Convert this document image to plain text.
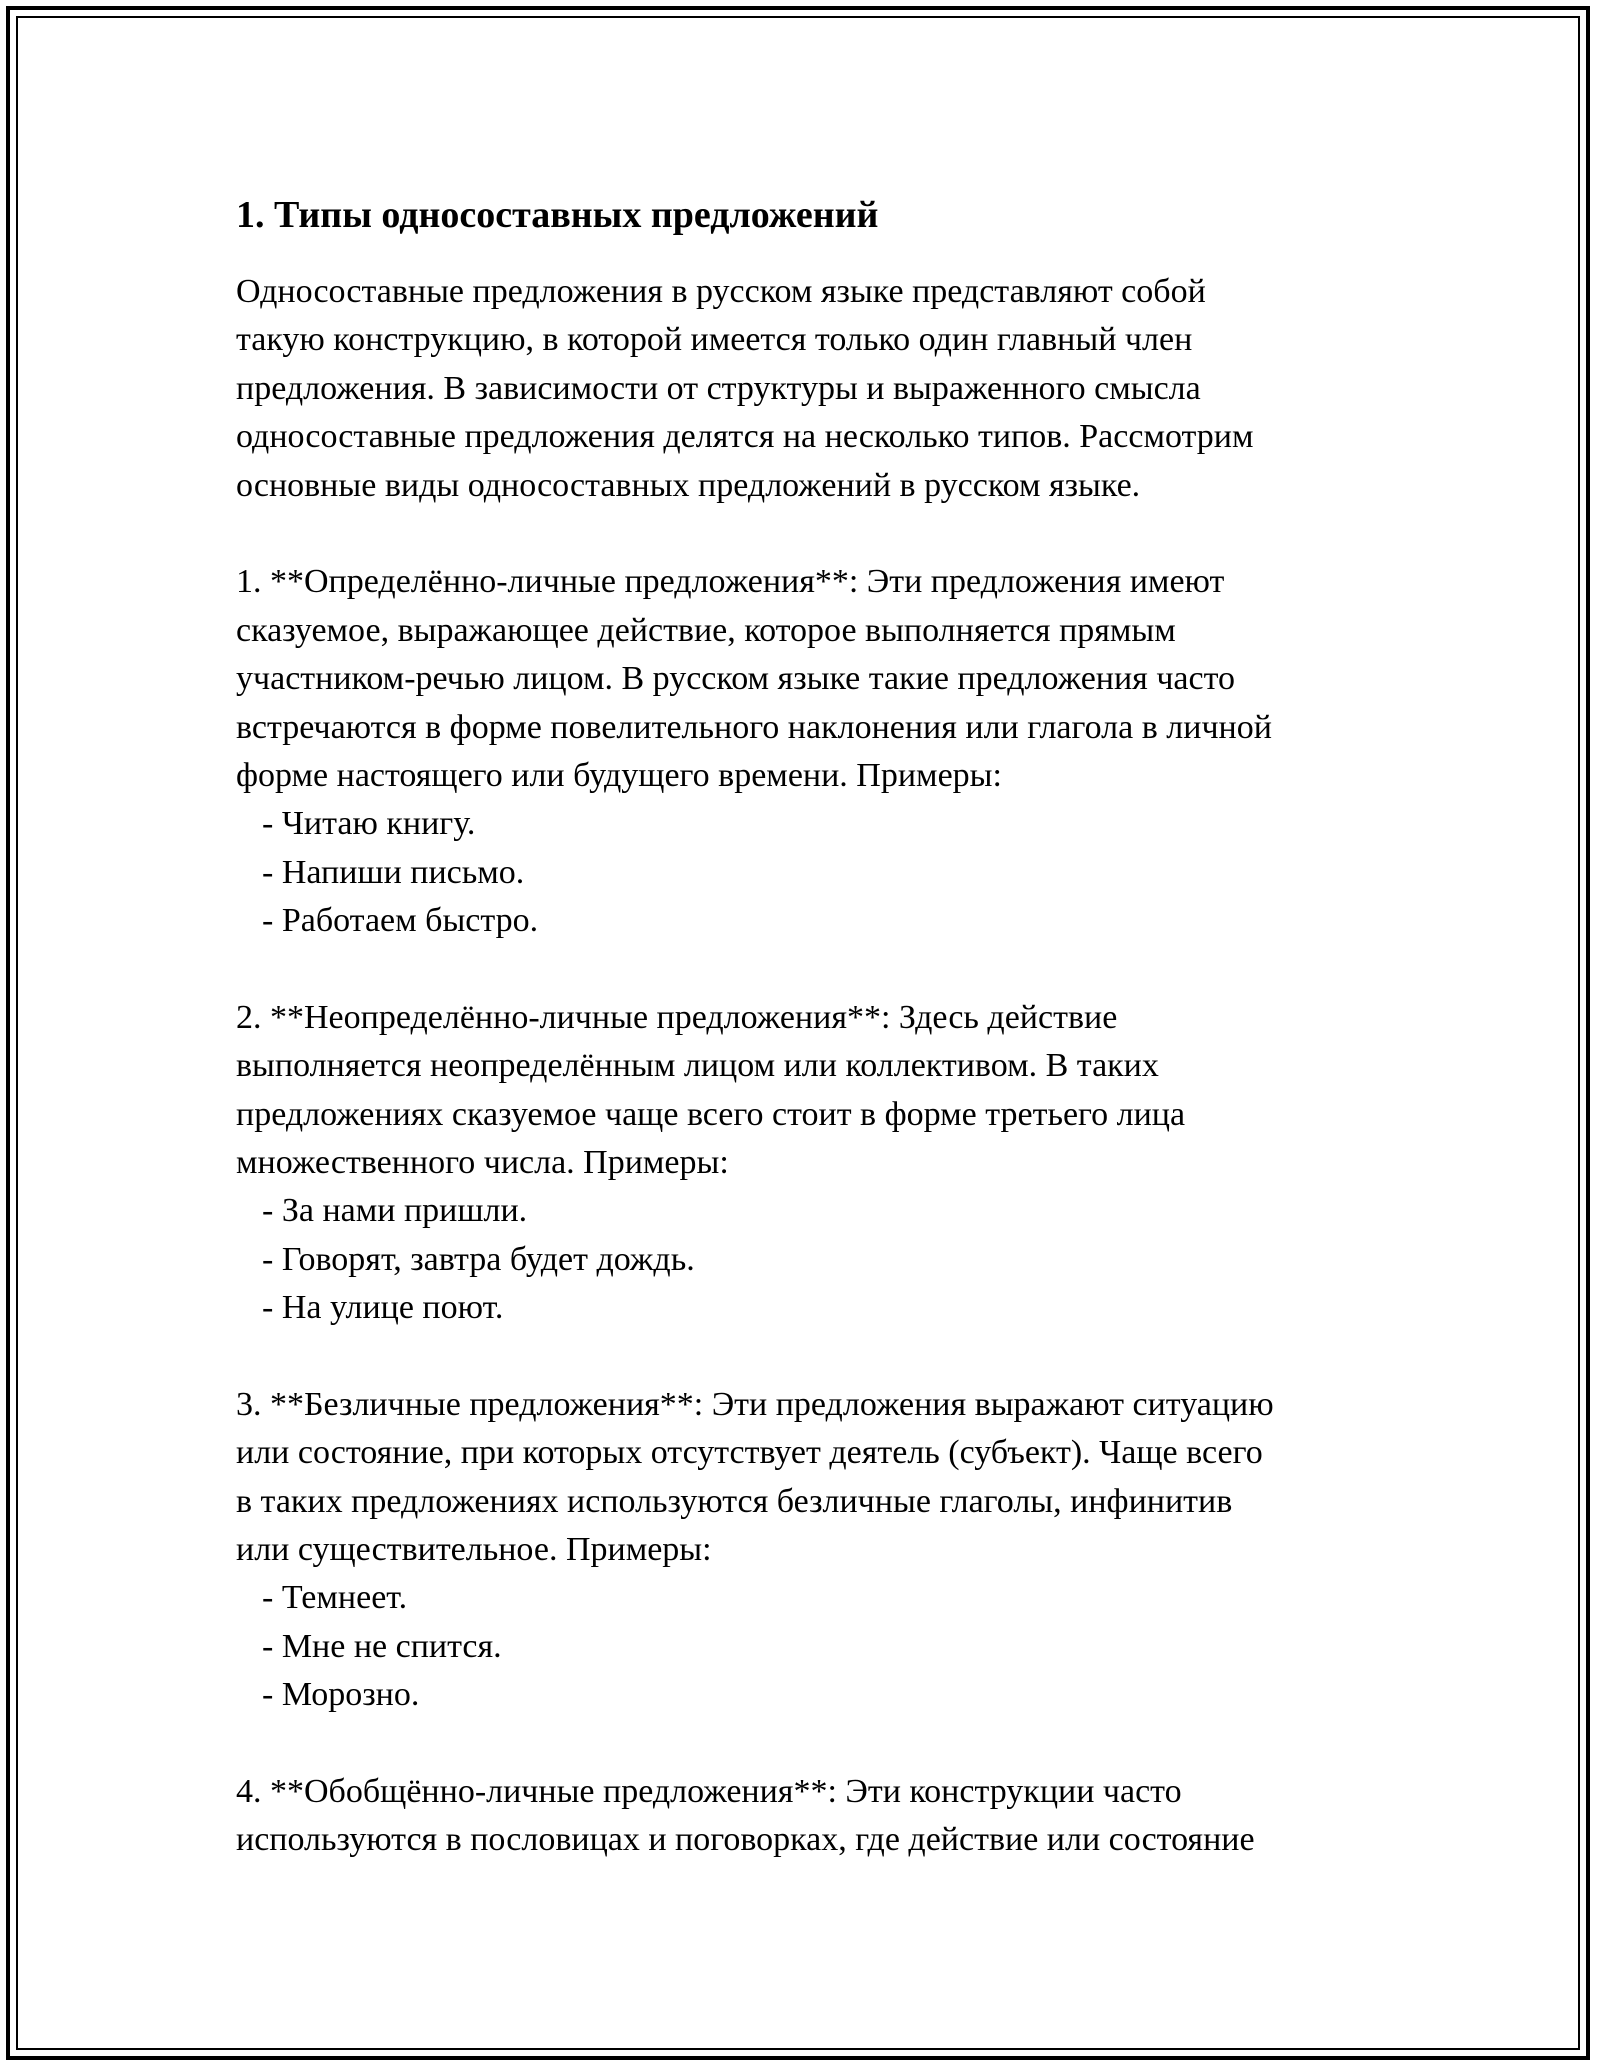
1. Типы односоставных предложений
Односоставные предложения в русском языке представляют собой
такую конструкцию, в которой имеется только один главный член
предложения. В зависимости от структуры и выраженного смысла
односоставные предложения делятся на несколько типов. Рассмотрим
основные виды односоставных предложений в русском языке.
1. **Определённо-личные предложения**: Эти предложения имеют
сказуемое, выражающее действие, которое выполняется прямым
участником-речью лицом. В русском языке такие предложения часто
встречаются в форме повелительного наклонения или глагола в личной
форме настоящего или будущего времени. Примеры:
- Читаю книгу.
- Напиши письмо.
- Работаем быстро.
2. **Неопределённо-личные предложения**: Здесь действие
выполняется неопределённым лицом или коллективом. В таких
предложениях сказуемое чаще всего стоит в форме третьего лица
множественного числа. Примеры:
- За нами пришли.
- Говорят, завтра будет дождь.
- На улице поют.
3. **Безличные предложения**: Эти предложения выражают ситуацию
или состояние, при которых отсутствует деятель (субъект). Чаще всего
в таких предложениях используются безличные глаголы, инфинитив
или существительное. Примеры:
- Темнеет.
- Мне не спится.
- Морозно.
4. **Обобщённо-личные предложения**: Эти конструкции часто
используются в пословицах и поговорках, где действие или состояние
